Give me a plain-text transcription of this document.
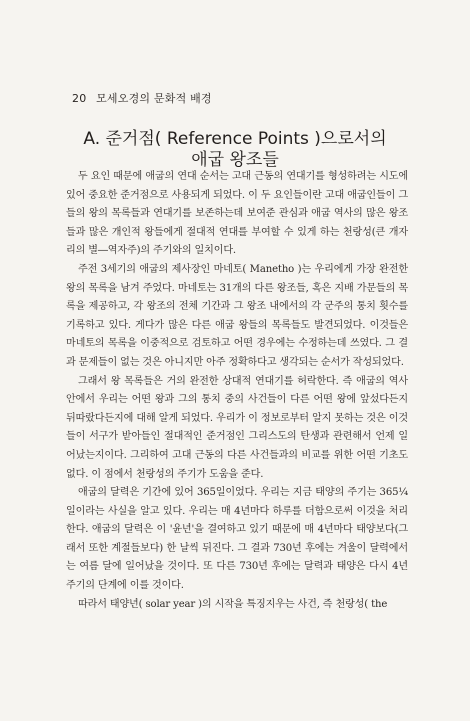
20 모세오경의 문화적 배경
A. 준거점( Reference Points )으로서의
애굽 왕조들

두 요인 때문에 애굽의 연대 순서는 고대 근동의 연대기를 형성하려는 시도에 있어 중요한 준거점으로 사용되게 되었다. 이 두 요인들이란 고대 애굽인들이 그들의 왕의 목록들과 연대기를 보존하는데 보여준 관심과 애굽 역사의 많은 왕조들과 많은 개인적 왕들에게 절대적 연대를 부여할 수 있게 하는 천랑성(큰 개자리의 별―역자주)의 주기와의 일치이다.

주전 3세기의 애굽의 제사장인 마네토( Manetho )는 우리에게 가장 완전한 왕의 목록을 남겨 주었다. 마네토는 31개의 다른 왕조들, 혹은 지배 가문들의 목록을 제공하고, 각 왕조의 전체 기간과 그 왕조 내에서의 각 군주의 통치 횟수를 기록하고 있다. 게다가 많은 다른 애굽 왕들의 목록들도 발견되었다. 이것들은 마네토의 목록을 이중적으로 검토하고 어떤 경우에는 수정하는데 쓰였다. 그 결과 문제들이 없는 것은 아니지만 아주 정확하다고 생각되는 순서가 작성되었다.

그래서 왕 목록들은 거의 완전한 상대적 연대기를 허락한다. 즉 애굽의 역사 안에서 우리는 어떤 왕과 그의 통치 중의 사건들이 다른 어떤 왕에 앞섰다든지 뒤따랐다든지에 대해 알게 되었다. 우리가 이 정보로부터 알지 못하는 것은 이것들이 서구가 받아들인 절대적인 준거점인 그리스도의 탄생과 관련해서 언제 일어났는지이다. 그리하여 고대 근동의 다른 사건들과의 비교를 위한 어떤 기초도 없다. 이 점에서 천랑성의 주기가 도움을 준다.

애굽의 달력은 기간에 있어 365일이었다. 우리는 지금 태양의 주기는 365¼일이라는 사실을 알고 있다. 우리는 매 4년마다 하루를 더함으로써 이것을 처리한다. 애굽의 달력은 이 '윤년'을 결여하고 있기 때문에 매 4년마다 태양보다(그래서 또한 계절들보다) 한 날씩 뒤진다. 그 결과 730년 후에는 겨울이 달력에서는 여름 달에 일어났을 것이다. 또 다른 730년 후에는 달력과 태양은 다시 4년 주기의 단계에 이를 것이다.

따라서 태양년( solar year )의 시작을 특징지우는 사건, 즉 천랑성( the
